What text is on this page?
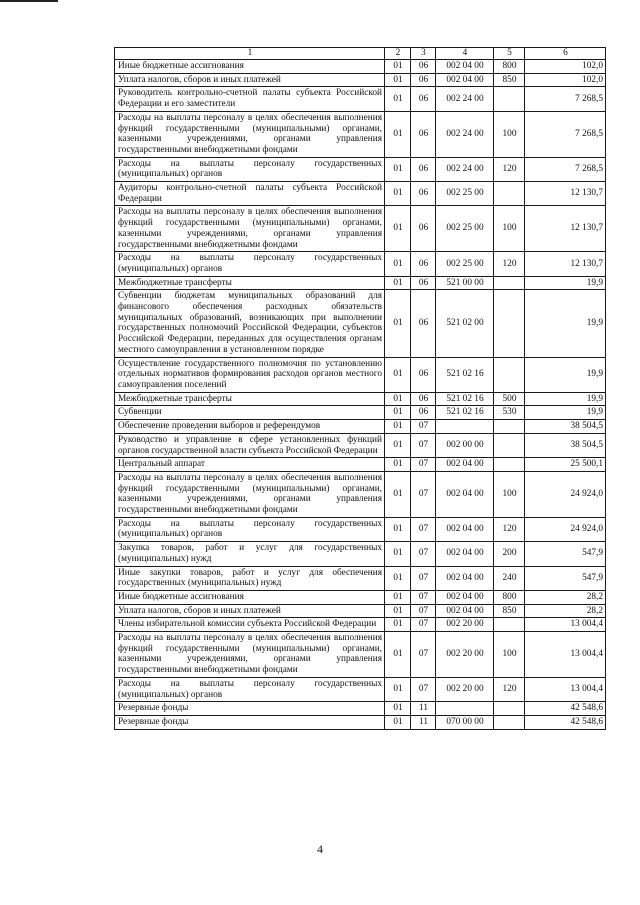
1	2	3	4	5	6
Иные бюджетные ассигнования	01	06	002 04 00	800	102,0
Уплата налогов, сборов и иных платежей	01	06	002 04 00	850	102,0
Руководитель контрольно-счетной палаты субъекта Российской Федерации и его заместители	01	06	002 24 00		7 268,5
Расходы на выплаты персоналу в целях обеспечения выполнения функций государственными (муниципальными) органами, казенными учреждениями, органами управления государственными внебюджетными фондами	01	06	002 24 00	100	7 268,5
Расходы на выплаты персоналу государственных (муниципальных) органов	01	06	002 24 00	120	7 268,5
Аудиторы контрольно-счетной палаты субъекта Российской Федерации	01	06	002 25 00		12 130,7
Расходы на выплаты персоналу в целях обеспечения выполнения функций государственными (муниципальными) органами, казенными учреждениями, органами управления государственными внебюджетными фондами	01	06	002 25 00	100	12 130,7
Расходы на выплаты персоналу государственных (муниципальных) органов	01	06	002 25 00	120	12 130,7
Межбюджетные трансферты	01	06	521 00 00		19,9
Субвенции бюджетам муниципальных образований для финансового обеспечения расходных обязательств муниципальных образований, возникающих при выполнении государственных полномочий Российской Федерации, субъектов Российской Федерации, переданных для осуществления органам местного самоуправления в установленном порядке	01	06	521 02 00		19,9
Осуществление государственного полномочия по установлению отдельных нормативов формирования расходов органов местного самоуправления поселений	01	06	521 02 16		19,9
Межбюджетные трансферты	01	06	521 02 16	500	19,9
Субвенции	01	06	521 02 16	530	19,9
Обеспечение проведения выборов и референдумов	01	07			38 504,5
Руководство и управление в сфере установленных функций органов государственной власти субъекта Российской Федерации	01	07	002 00 00		38 504,5
Центральный аппарат	01	07	002 04 00		25 500,1
Расходы на выплаты персоналу в целях обеспечения выполнения функций государственными (муниципальными) органами, казенными учреждениями, органами управления государственными внебюджетными фондами	01	07	002 04 00	100	24 924,0
Расходы на выплаты персоналу государственных (муниципальных) органов	01	07	002 04 00	120	24 924,0
Закупка товаров, работ и услуг для государственных (муниципальных) нужд	01	07	002 04 00	200	547,9
Иные закупки товаров, работ и услуг для обеспечения государственных (муниципальных) нужд	01	07	002 04 00	240	547,9
Иные бюджетные ассигнования	01	07	002 04 00	800	28,2
Уплата налогов, сборов и иных платежей	01	07	002 04 00	850	28,2
Члены избирательной комиссии субъекта Российской Федерации	01	07	002 20 00		13 004,4
Расходы на выплаты персоналу в целях обеспечения выполнения функций государственными (муниципальными) органами, казенными учреждениями, органами управления государственными внебюджетными фондами	01	07	002 20 00	100	13 004,4
Расходы на выплаты персоналу государственных (муниципальных) органов	01	07	002 20 00	120	13 004,4
Резервные фонды	01	11			42 548,6
Резервные фонды	01	11	070 00 00		42 548,6
4
